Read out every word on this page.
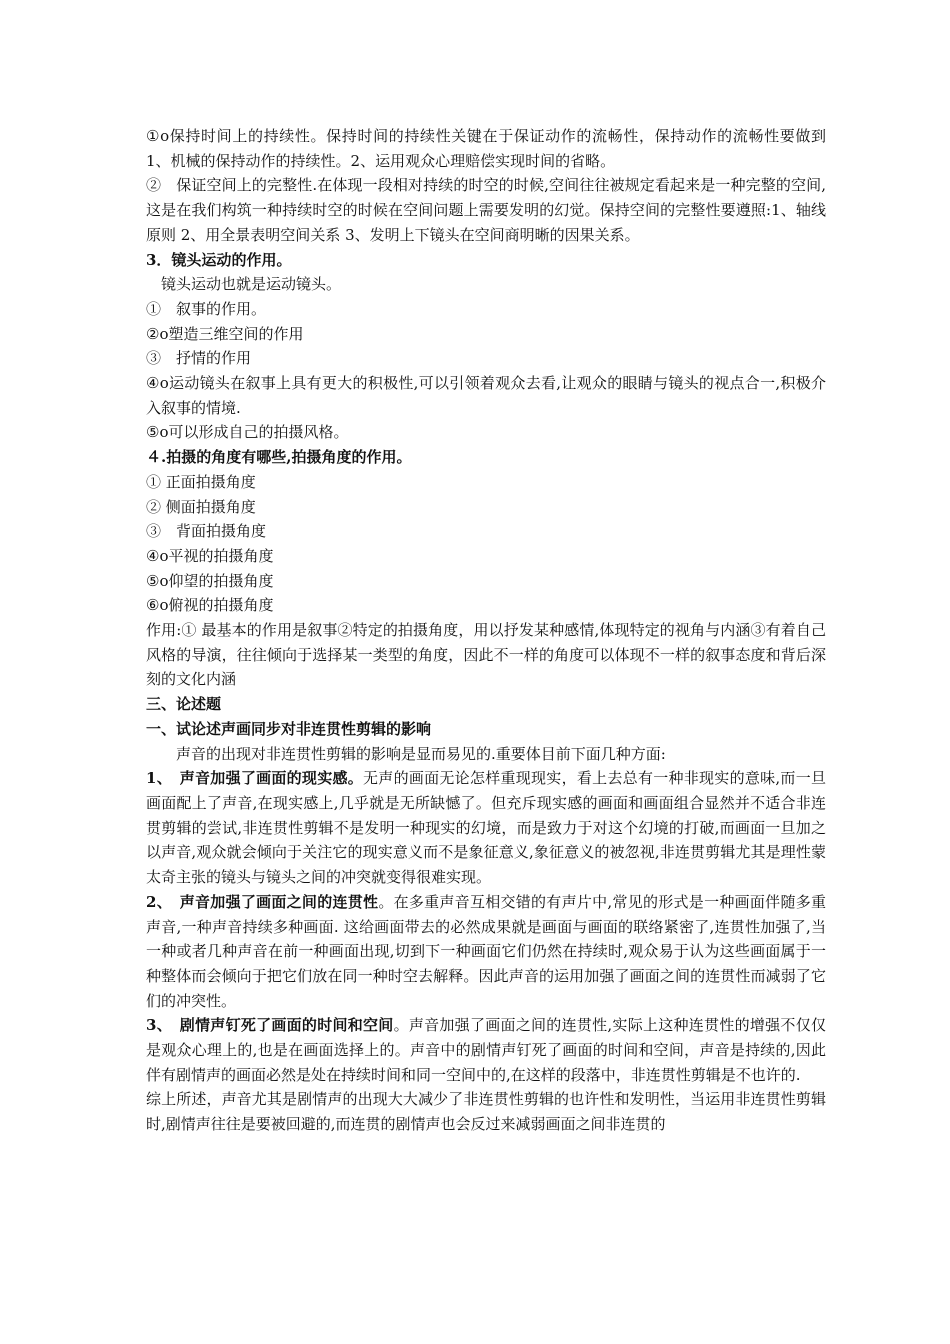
①o保持时间上的持续性。保持时间的持续性关键在于保证动作的流畅性，保持动作的流畅性要做到 1、机械的保持动作的持续性。2、运用观众心理赔偿实现时间的省略。

②　保证空间上的完整性.在体现一段相对持续的时空的时候,空间往往被规定看起来是一种完整的空间,这是在我们构筑一种持续时空的时候在空间问题上需要发明的幻觉。保持空间的完整性要遵照:1、轴线原则 2、用全景表明空间关系 3、发明上下镜头在空间商明晰的因果关系。

3．镜头运动的作用。

镜头运动也就是运动镜头。

①　叙事的作用。

②o塑造三维空间的作用

③　抒情的作用

④o运动镜头在叙事上具有更大的积极性,可以引领着观众去看,让观众的眼睛与镜头的视点合一,积极介入叙事的情境.

⑤o可以形成自己的拍摄风格。

４.拍摄的角度有哪些,拍摄角度的作用。

① 正面拍摄角度

② 侧面拍摄角度

③　背面拍摄角度

④o平视的拍摄角度

⑤o仰望的拍摄角度

⑥o俯视的拍摄角度

作用:① 最基本的作用是叙事②特定的拍摄角度，用以抒发某种感情,体现特定的视角与内涵③有着自己风格的导演，往往倾向于选择某一类型的角度，因此不一样的角度可以体现不一样的叙事态度和背后深刻的文化内涵

三、论述题

一、试论述声画同步对非连贯性剪辑的影响

声音的出现对非连贯性剪辑的影响是显而易见的.重要体目前下面几种方面:

1、　声音加强了画面的现实感。无声的画面无论怎样重现现实，看上去总有一种非现实的意味,而一旦画面配上了声音,在现实感上,几乎就是无所缺憾了。但充斥现实感的画面和画面组合显然并不适合非连贯剪辑的尝试,非连贯性剪辑不是发明一种现实的幻境，而是致力于对这个幻境的打破,而画面一旦加之以声音,观众就会倾向于关注它的现实意义而不是象征意义,象征意义的被忽视,非连贯剪辑尤其是理性蒙太奇主张的镜头与镜头之间的冲突就变得很难实现。

2、　声音加强了画面之间的连贯性。在多重声音互相交错的有声片中,常见的形式是一种画面伴随多重声音,一种声音持续多种画面. 这给画面带去的必然成果就是画面与画面的联络紧密了,连贯性加强了,当一种或者几种声音在前一种画面出现,切到下一种画面它们仍然在持续时,观众易于认为这些画面属于一种整体而会倾向于把它们放在同一种时空去解释。因此声音的运用加强了画面之间的连贯性而减弱了它们的冲突性。

3、　剧情声钉死了画面的时间和空间。声音加强了画面之间的连贯性,实际上这种连贯性的增强不仅仅是观众心理上的,也是在画面选择上的。声音中的剧情声钉死了画面的时间和空间，声音是持续的,因此伴有剧情声的画面必然是处在持续时间和同一空间中的,在这样的段落中，非连贯性剪辑是不也许的.

综上所述，声音尤其是剧情声的出现大大减少了非连贯性剪辑的也许性和发明性，当运用非连贯性剪辑时,剧情声往往是要被回避的,而连贯的剧情声也会反过来减弱画面之间非连贯的
